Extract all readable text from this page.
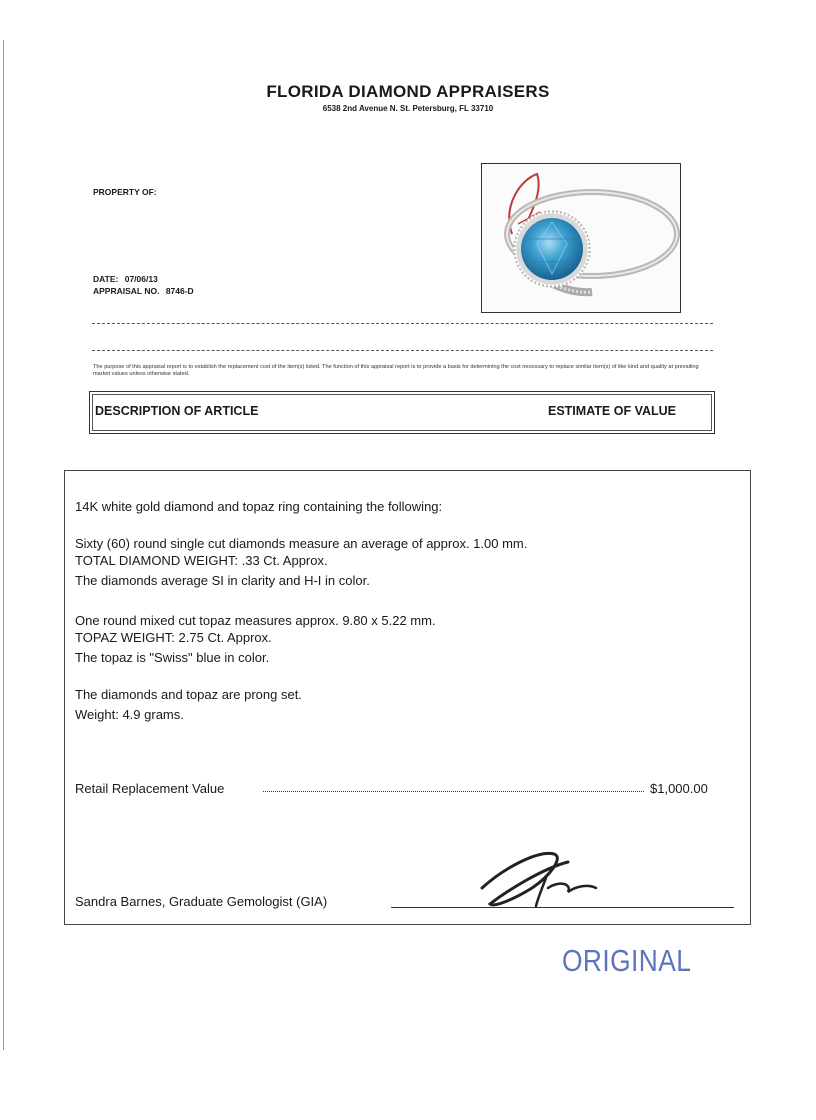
FLORIDA DIAMOND APPRAISERS
6538 2nd Avenue N. St. Petersburg, FL 33710
PROPERTY OF:
DATE: 07/06/13
APPRAISAL NO. 8746-D
The purpose of this appraisal report is to establish the replacement cost of the item(s) listed. The function of this appraisal report is to provide a basis for determining the cost necessary to replace similar item(s) of like kind and quality at prevailing market values unless otherwise stated.
DESCRIPTION OF ARTICLE	ESTIMATE OF VALUE
14K white gold diamond and topaz ring containing the following:
Sixty (60) round single cut diamonds measure an average of approx. 1.00 mm.
TOTAL DIAMOND WEIGHT: .33 Ct. Approx.
The diamonds average SI in clarity and H-I in color.
One round mixed cut topaz measures approx. 9.80 x 5.22 mm.
TOPAZ WEIGHT: 2.75 Ct. Approx.
The topaz is "Swiss" blue in color.
The diamonds and topaz are prong set.
Weight: 4.9 grams.
Retail Replacement Value	$1,000.00
Sandra Barnes, Graduate Gemologist (GIA)
ORIGINAL
